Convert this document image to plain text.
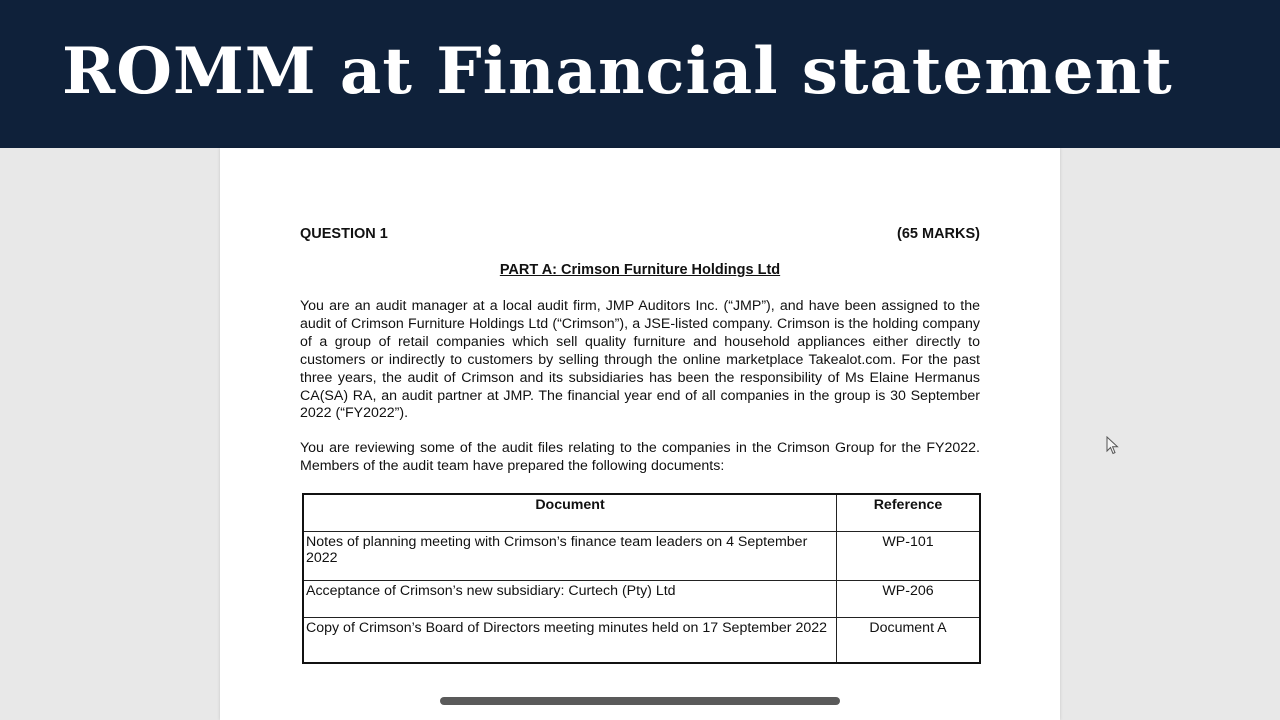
ROMM at Financial statement
QUESTION 1	(65 MARKS)
PART A: Crimson Furniture Holdings Ltd

You are an audit manager at a local audit firm, JMP Auditors Inc. (“JMP”), and have been assigned to the audit of Crimson Furniture Holdings Ltd (“Crimson”), a JSE-listed company. Crimson is the holding company of a group of retail companies which sell quality furniture and household appliances either directly to customers or indirectly to customers by selling through the online marketplace Takealot.com. For the past three years, the audit of Crimson and its subsidiaries has been the responsibility of Ms Elaine Hermanus CA(SA) RA, an audit partner at JMP. The financial year end of all companies in the group is 30 September 2022 (“FY2022”).

You are reviewing some of the audit files relating to the companies in the Crimson Group for the FY2022. Members of the audit team have prepared the following documents:

Document	Reference
Notes of planning meeting with Crimson’s finance team leaders on 4 September 2022	WP-101
Acceptance of Crimson’s new subsidiary: Curtech (Pty) Ltd	WP-206
Copy of Crimson’s Board of Directors meeting minutes held on 17 September 2022	Document A
